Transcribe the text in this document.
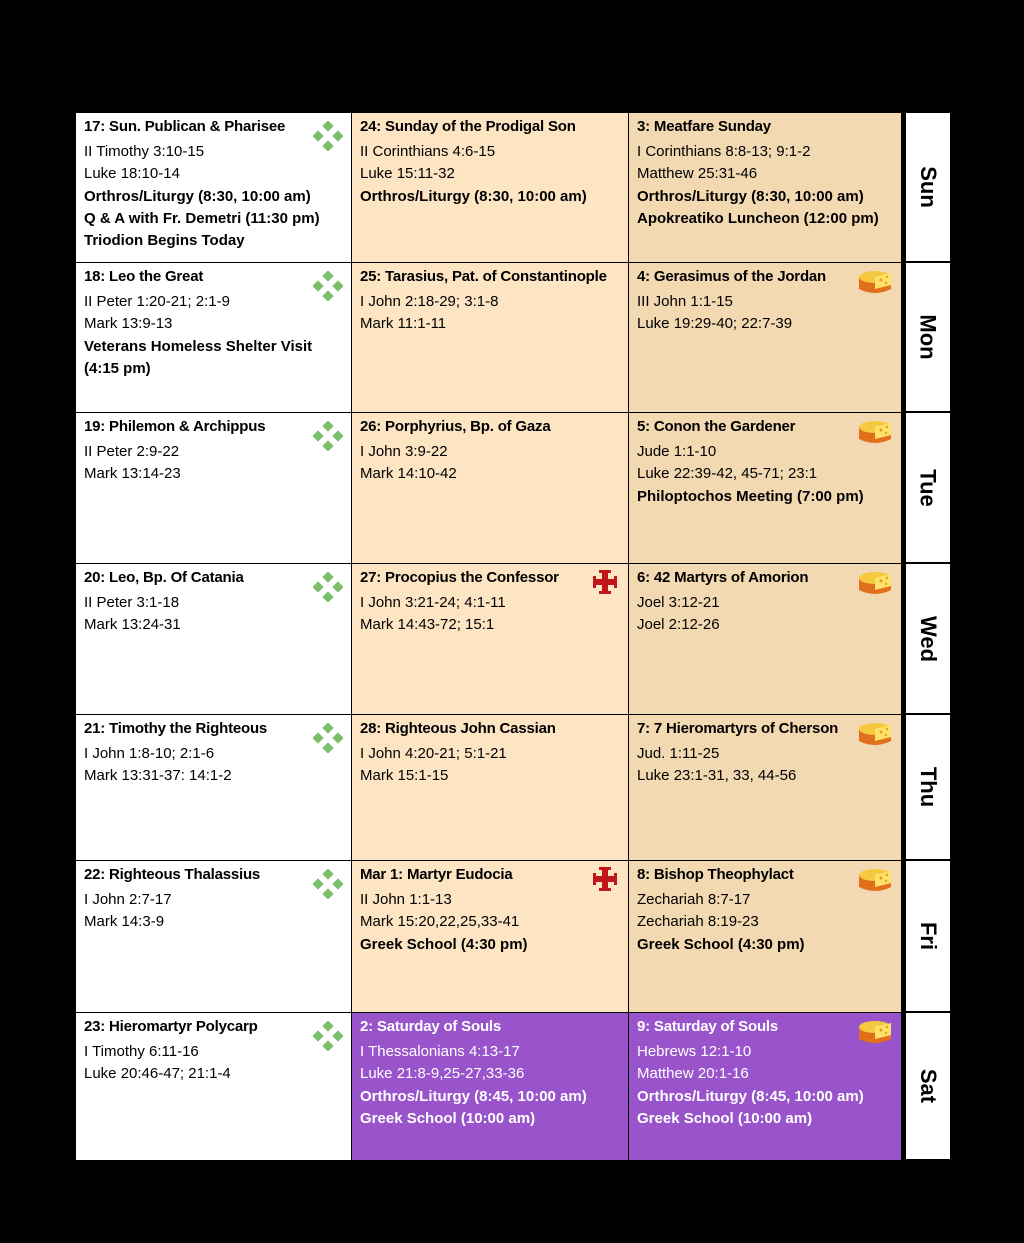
17: Sun. Publican & Pharisee
II Timothy 3:10-15
Luke 18:10-14
Orthros/Liturgy (8:30, 10:00 am)
Q & A with Fr. Demetri (11:30 pm)
Triodion Begins Today
24: Sunday of the Prodigal Son
II Corinthians 4:6-15
Luke 15:11-32
Orthros/Liturgy (8:30, 10:00 am)
3: Meatfare Sunday
I Corinthians 8:8-13; 9:1-2
Matthew 25:31-46
Orthros/Liturgy (8:30, 10:00 am)
Apokreatiko Luncheon (12:00 pm)
18: Leo the Great
II Peter 1:20-21; 2:1-9
Mark 13:9-13
Veterans Homeless Shelter Visit (4:15 pm)
25: Tarasius, Pat. of Constantinople
I John 2:18-29; 3:1-8
Mark 11:1-11
4: Gerasimus of the Jordan
III John 1:1-15
Luke 19:29-40; 22:7-39
19: Philemon & Archippus
II Peter 2:9-22
Mark 13:14-23
26: Porphyrius, Bp. of Gaza
I John 3:9-22
Mark 14:10-42
5: Conon the Gardener
Jude 1:1-10
Luke 22:39-42, 45-71; 23:1
Philoptochos Meeting (7:00 pm)
20: Leo, Bp. Of Catania
II Peter 3:1-18
Mark 13:24-31
27: Procopius the Confessor
I John 3:21-24; 4:1-11
Mark 14:43-72; 15:1
6: 42 Martyrs of Amorion
Joel 3:12-21
Joel 2:12-26
21: Timothy the Righteous
I John 1:8-10; 2:1-6
Mark 13:31-37: 14:1-2
28: Righteous John Cassian
I John 4:20-21; 5:1-21
Mark 15:1-15
7: 7 Hieromartyrs of Cherson
Jud. 1:11-25
Luke 23:1-31, 33, 44-56
22: Righteous Thalassius
I John 2:7-17
Mark 14:3-9
Mar 1: Martyr Eudocia
II John 1:1-13
Mark 15:20,22,25,33-41
Greek School (4:30 pm)
8: Bishop Theophylact
Zechariah 8:7-17
Zechariah 8:19-23
Greek School (4:30 pm)
23: Hieromartyr Polycarp
I Timothy 6:11-16
Luke 20:46-47; 21:1-4
2: Saturday of Souls
I Thessalonians 4:13-17
Luke 21:8-9,25-27,33-36
Orthros/Liturgy (8:45, 10:00 am)
Greek School (10:00 am)
9: Saturday of Souls
Hebrews 12:1-10
Matthew 20:1-16
Orthros/Liturgy (8:45, 10:00 am)
Greek School (10:00 am)
Sun
Mon
Tue
Wed
Thu
Fri
Sat
